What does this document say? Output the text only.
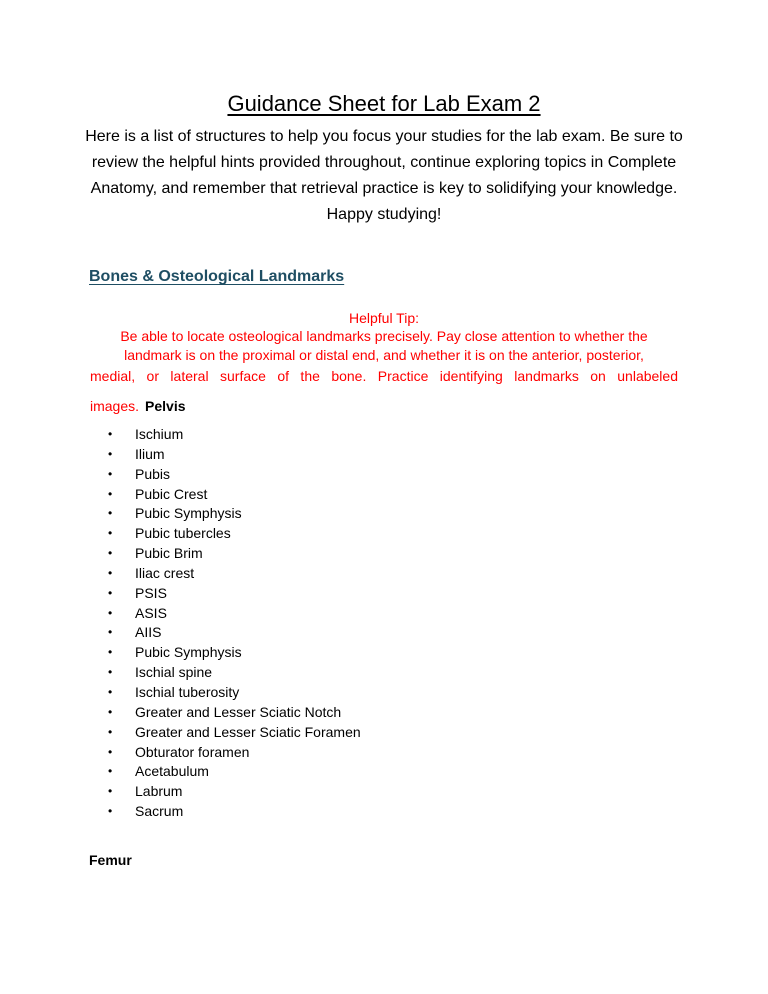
Guidance Sheet for Lab Exam 2

Here is a list of structures to help you focus your studies for the lab exam. Be sure to review the helpful hints provided throughout, continue exploring topics in Complete Anatomy, and remember that retrieval practice is key to solidifying your knowledge. Happy studying!

Bones & Osteological Landmarks

Helpful Tip:

Be able to locate osteological landmarks precisely. Pay close attention to whether the

landmark is on the proximal or distal end, and whether it is on the anterior, posterior,

medial, or lateral surface of the bone. Practice identifying landmarks on unlabeled

images. Pelvis

• Ischium
• Ilium
• Pubis
• Pubic Crest
• Pubic Symphysis
• Pubic tubercles
• Pubic Brim
• Iliac crest
• PSIS
• ASIS
• AIIS
• Pubic Symphysis
• Ischial spine
• Ischial tuberosity
• Greater and Lesser Sciatic Notch
• Greater and Lesser Sciatic Foramen
• Obturator foramen
• Acetabulum
• Labrum
• Sacrum

Femur
